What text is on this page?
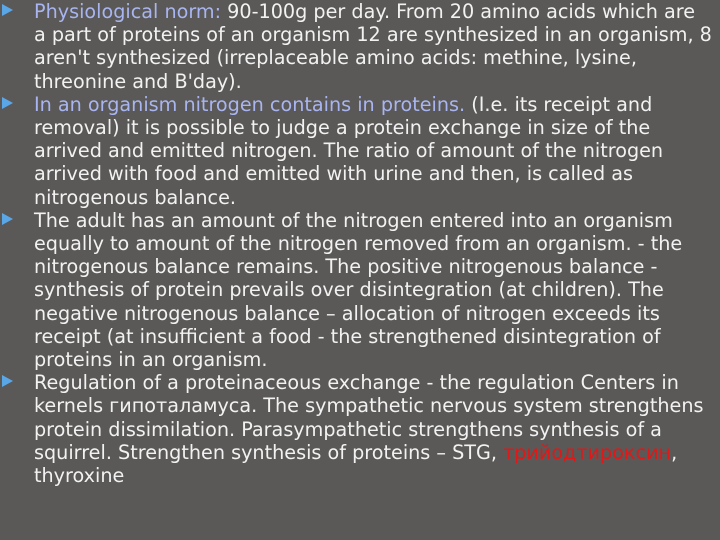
Physiological norm: 90-100g per day. From 20 amino acids which are a part of proteins of an organism 12 are synthesized in an organism, 8 aren't synthesized (irreplaceable amino acids: methine, lysine, threonine and B'day).
In an organism nitrogen contains in proteins. (I.e. its receipt and removal) it is possible to judge a protein exchange in size of the arrived and emitted nitrogen. The ratio of amount of the nitrogen arrived with food and emitted with urine and then, is called as nitrogenous balance.
The adult has an amount of the nitrogen entered into an organism equally to amount of the nitrogen removed from an organism. - the nitrogenous balance remains. The positive nitrogenous balance - synthesis of protein prevails over disintegration (at children). The negative nitrogenous balance – allocation of nitrogen exceeds its receipt (at insufficient a food - the strengthened disintegration of proteins in an organism.
Regulation of a proteinaceous exchange - the regulation Centers in kernels гипоталамуса. The sympathetic nervous system strengthens protein dissimilation. Parasympathetic strengthens synthesis of a squirrel. Strengthen synthesis of proteins – STG, трийодтироксин, thyroxine
